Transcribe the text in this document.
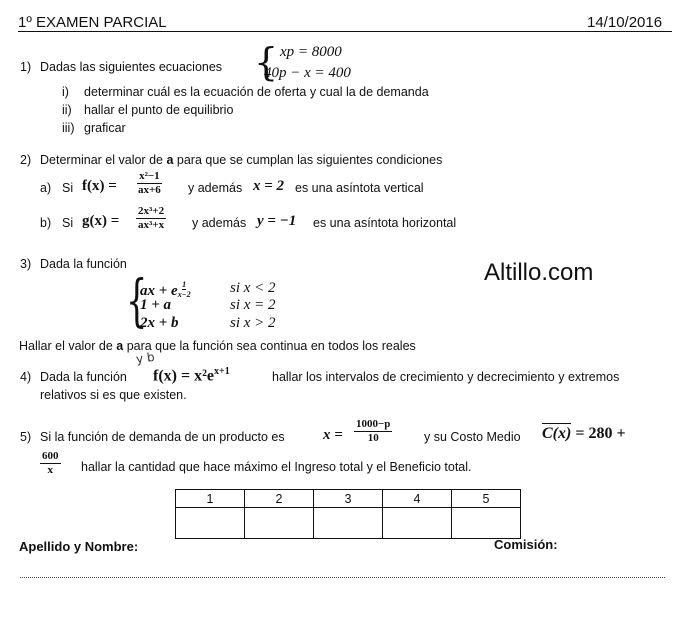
1º EXAMEN PARCIAL	14/10/2016
1) Dadas las siguientes ecuaciones { xp = 8000
40p − x = 400
i) determinar cuál es la ecuación de oferta y cual la de demanda
ii) hallar el punto de equilibrio
iii) graficar
2) Determinar el valor de a para que se cumplan las siguientes condiciones
a) Si $f(x) = \frac{\text{x²−1}}{ax+6}$ y además x = 2 es una asíntota vertical
b) Si $g(x) = \frac{\text{2x³+2}}{\text{ax³+x}}$ y además y = −1 es una asíntota horizontal
Altillo.com
3) Dada la función
{
ax + e $^{\frac{1}{x-2}}$	si x < 2
1 + a	si x = 2
2x + b	si x > 2
Hallar el valor de a para que la función sea continua en todos los reales
y b
4) Dada la función $f(x) = x^2e^{x+1}$	hallar los intervalos de crecimiento y decrecimiento y extremos
relativos si es que existen.
5) Si la función de demanda de un producto es	$x = \frac{1000-p}{10}$	y su Costo Medio C(x) = 280 +
$\frac{600}{x}$ hallar la cantidad que hace máximo el Ingreso total y el Beneficio total.
1	2	3	4	5

Apellido y Nombre:	Comisión:
